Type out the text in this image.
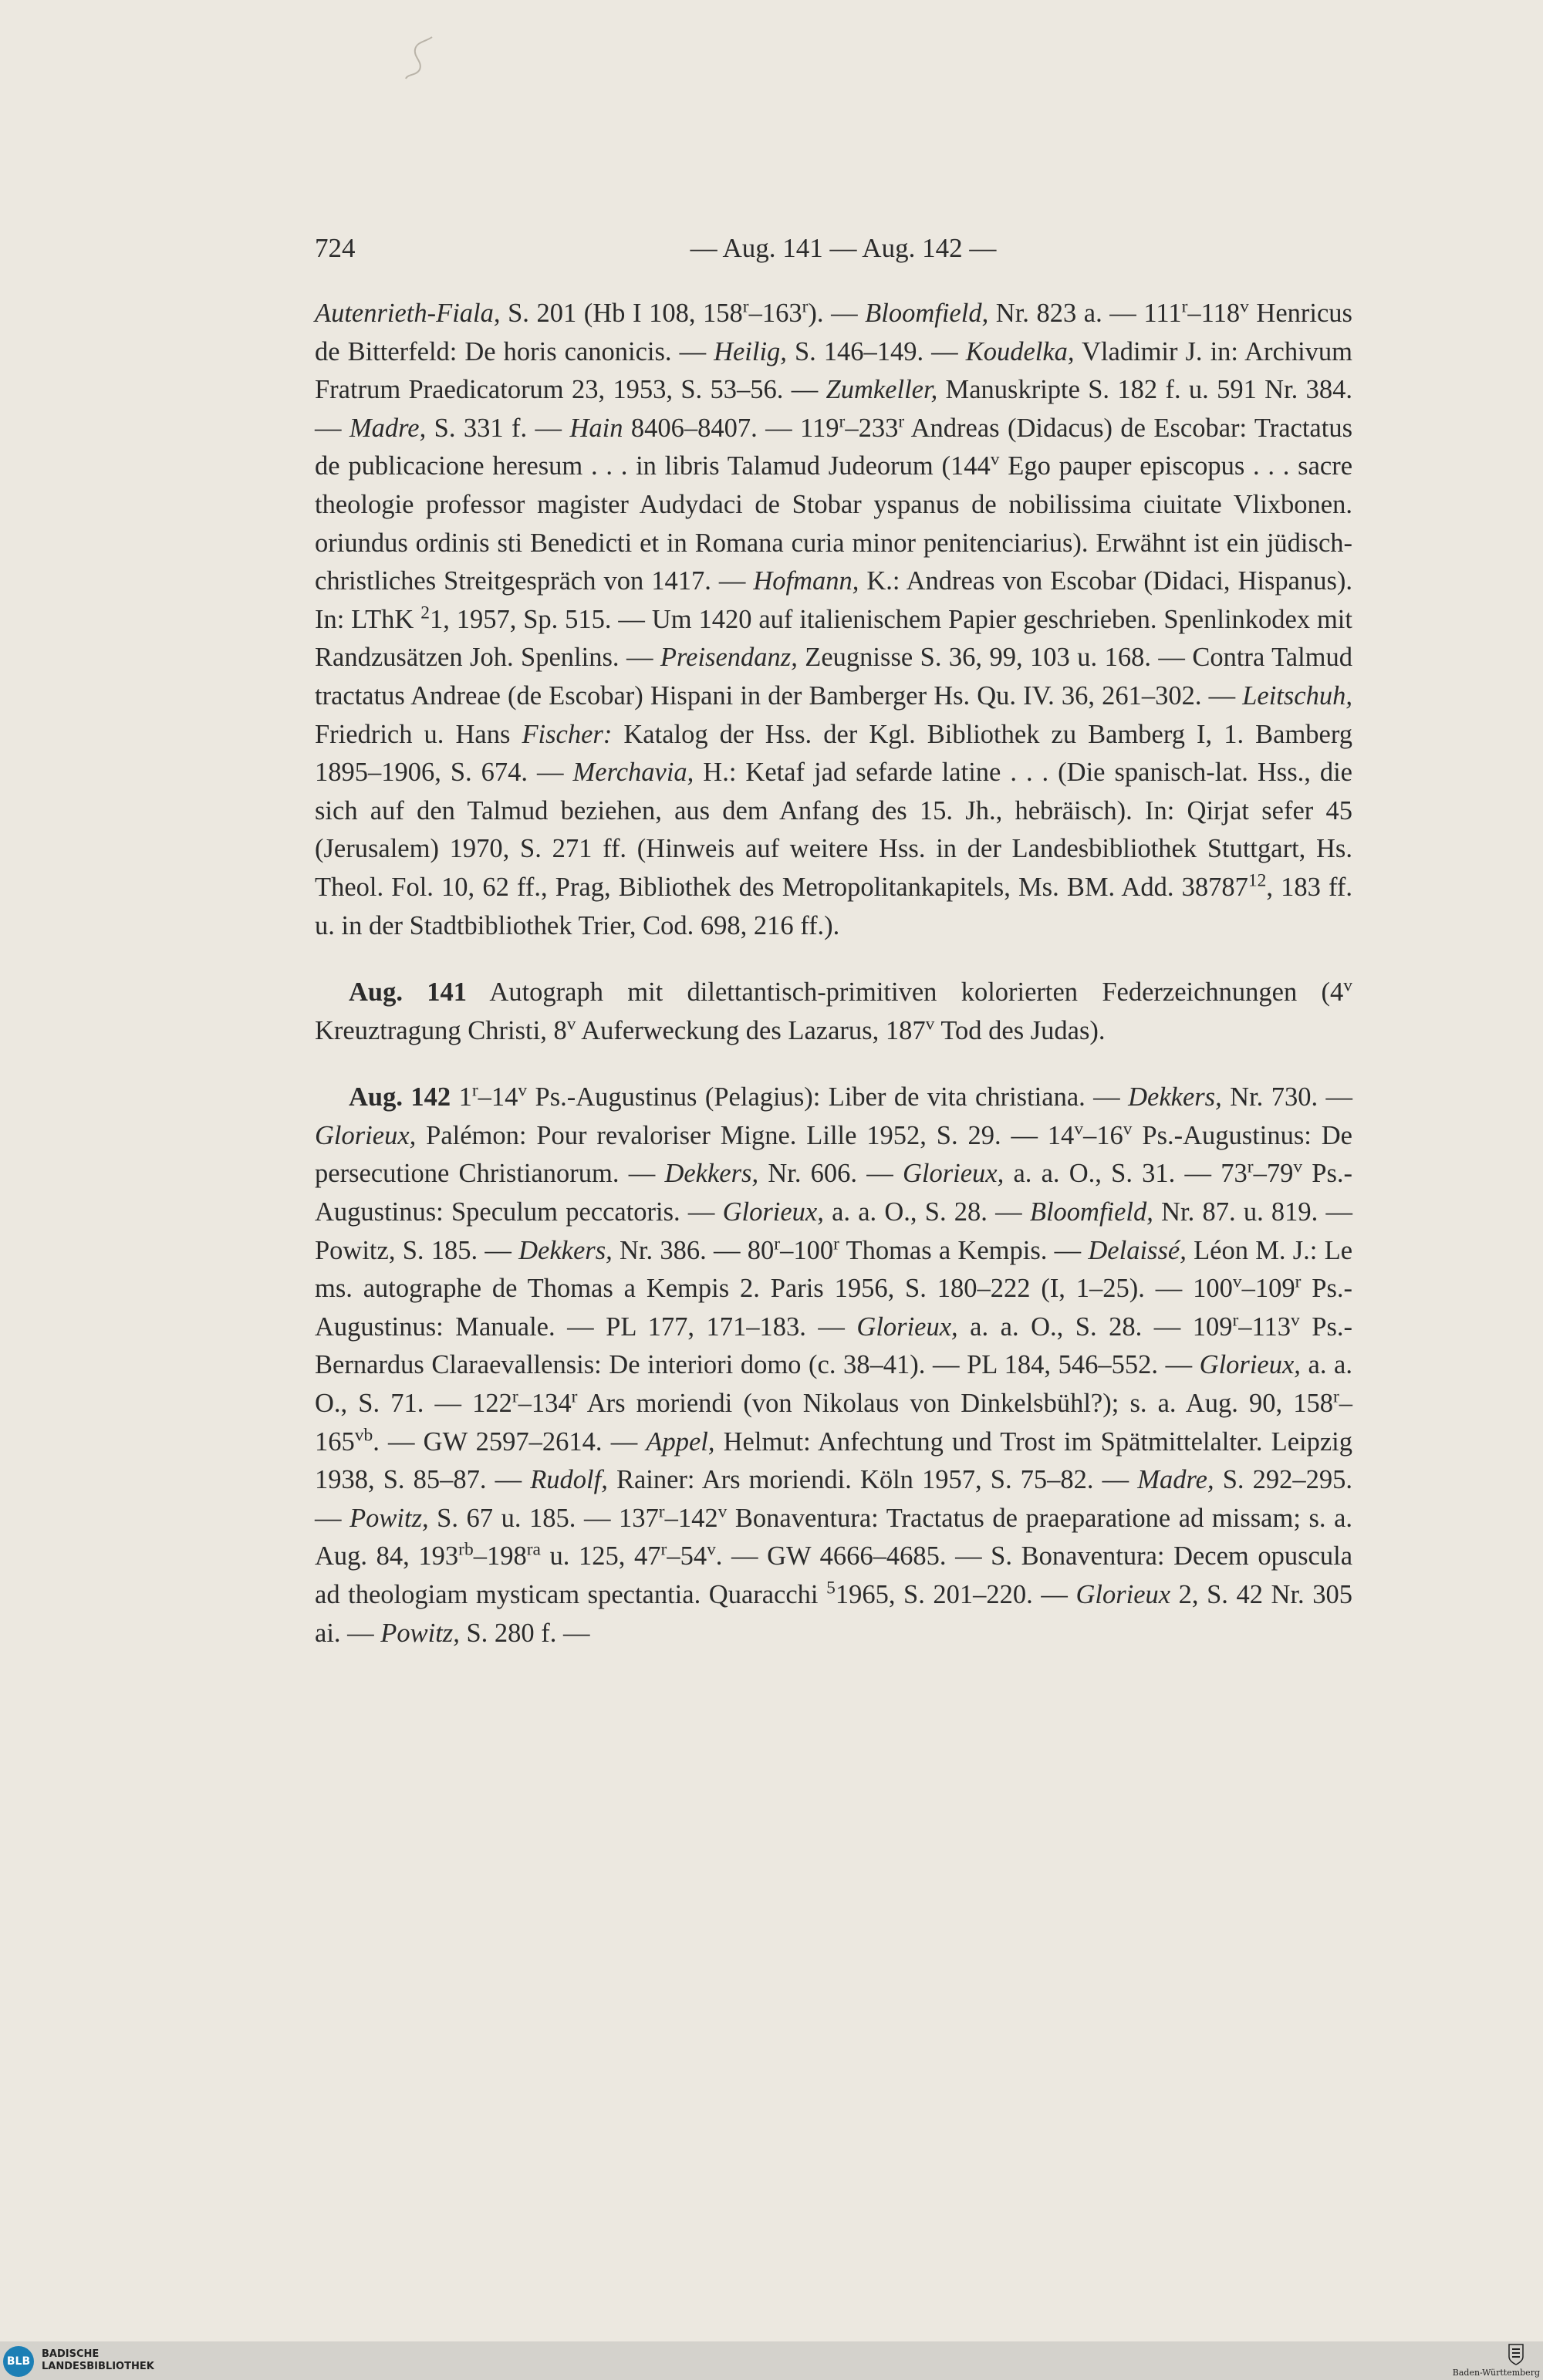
724	— Aug. 141 — Aug. 142 —

Autenrieth-Fiala, S. 201 (Hb I 108, 158$^r$–163$^r$). — Bloomfield, Nr. 823 a. — 111$^r$–118$^v$ Henricus de Bitterfeld: De horis canonicis. — Heilig, S. 146–149. — Koudelka, Vladimir J. in: Archivum Fratrum Praedicatorum 23, 1953, S. 53–56. — Zumkeller, Manuskripte S. 182 f. u. 591 Nr. 384. — Madre, S. 331 f. — Hain 8406–8407. — 119$^r$–233$^r$ Andreas (Didacus) de Escobar: Tractatus de publicacione heresum . . . in libris Talamud Judeorum (144$^v$ Ego pauper episcopus . . . sacre theologie professor magister Audydaci de Stobar yspanus de nobilissima ciuitate Vlixbonen. oriundus ordinis sti Benedicti et in Romana curia minor penitenciarius). Erwähnt ist ein jüdisch-christliches Streitgespräch von 1417. — Hofmann, K.: Andreas von Escobar (Didaci, Hispanus). In: LThK $^2$1, 1957, Sp. 515. — Um 1420 auf italienischem Papier geschrieben. Spenlinkodex mit Randzusätzen Joh. Spenlins. — Preisendanz, Zeugnisse S. 36, 99, 103 u. 168. — Contra Talmud tractatus Andreae (de Escobar) Hispani in der Bamberger Hs. Qu. IV. 36, 261–302. — Leitschuh, Friedrich u. Hans Fischer: Katalog der Hss. der Kgl. Bibliothek zu Bamberg I, 1. Bamberg 1895–1906, S. 674. — Merchavia, H.: Ketaf jad sefarde latine . . . (Die spanisch-lat. Hss., die sich auf den Talmud beziehen, aus dem Anfang des 15. Jh., hebräisch). In: Qirjat sefer 45 (Jerusalem) 1970, S. 271 ff. (Hinweis auf weitere Hss. in der Landesbibliothek Stuttgart, Hs. Theol. Fol. 10, 62 ff., Prag, Bibliothek des Metropolitankapitels, Ms. BM. Add. 38787$^{12}$, 183 ff. u. in der Stadtbibliothek Trier, Cod. 698, 216 ff.).

Aug. 141 Autograph mit dilettantisch-primitiven kolorierten Federzeichnungen (4$^v$ Kreuztragung Christi, 8$^v$ Auferweckung des Lazarus, 187$^v$ Tod des Judas).

Aug. 142 1$^r$–14$^v$ Ps.-Augustinus (Pelagius): Liber de vita christiana. — Dekkers, Nr. 730. — Glorieux, Palémon: Pour revaloriser Migne. Lille 1952, S. 29. — 14$^v$–16$^v$ Ps.-Augustinus: De persecutione Christianorum. — Dekkers, Nr. 606. — Glorieux, a. a. O., S. 31. — 73$^r$–79$^v$ Ps.-Augustinus: Speculum peccatoris. — Glorieux, a. a. O., S. 28. — Bloomfield, Nr. 87. u. 819. — Powitz, S. 185. — Dekkers, Nr. 386. — 80$^r$–100$^r$ Thomas a Kempis. — Delaissé, Léon M. J.: Le ms. autographe de Thomas a Kempis 2. Paris 1956, S. 180–222 (I, 1–25). — 100$^v$–109$^r$ Ps.-Augustinus: Manuale. — PL 177, 171–183. — Glorieux, a. a. O., S. 28. — 109$^r$–113$^v$ Ps.-Bernardus Claraevallensis: De interiori domo (c. 38–41). — PL 184, 546–552. — Glorieux, a. a. O., S. 71. — 122$^r$–134$^r$ Ars moriendi (von Nikolaus von Dinkelsbühl?); s. a. Aug. 90, $158^r-165^{vb}$. — GW 2597–2614. — Appel, Helmut: Anfechtung und Trost im Spätmittelalter. Leipzig 1938, S. 85–87. — Rudolf, Rainer: Ars moriendi. Köln 1957, S. 75–82. — Madre, S. 292–295. — Powitz, S. 67 u. 185. — 137$^r$–142$^v$ Bonaventura: Tractatus de praeparatione ad missam; s. a. Aug. 84, $193^{rb}-198^{ra}$ u. 125, 47$^r$–54$^v$. — GW 4666–4685. — S. Bonaventura: Decem opuscula ad theologiam mysticam spectantia. Quaracchi $^5$1965, S. 201–220. — Glorieux 2, S. 42 Nr. 305 ai. — Powitz, S. 280 f. —

BLB
BADISCHE
LANDESBIBLIOTHEK
Baden-Württemberg
